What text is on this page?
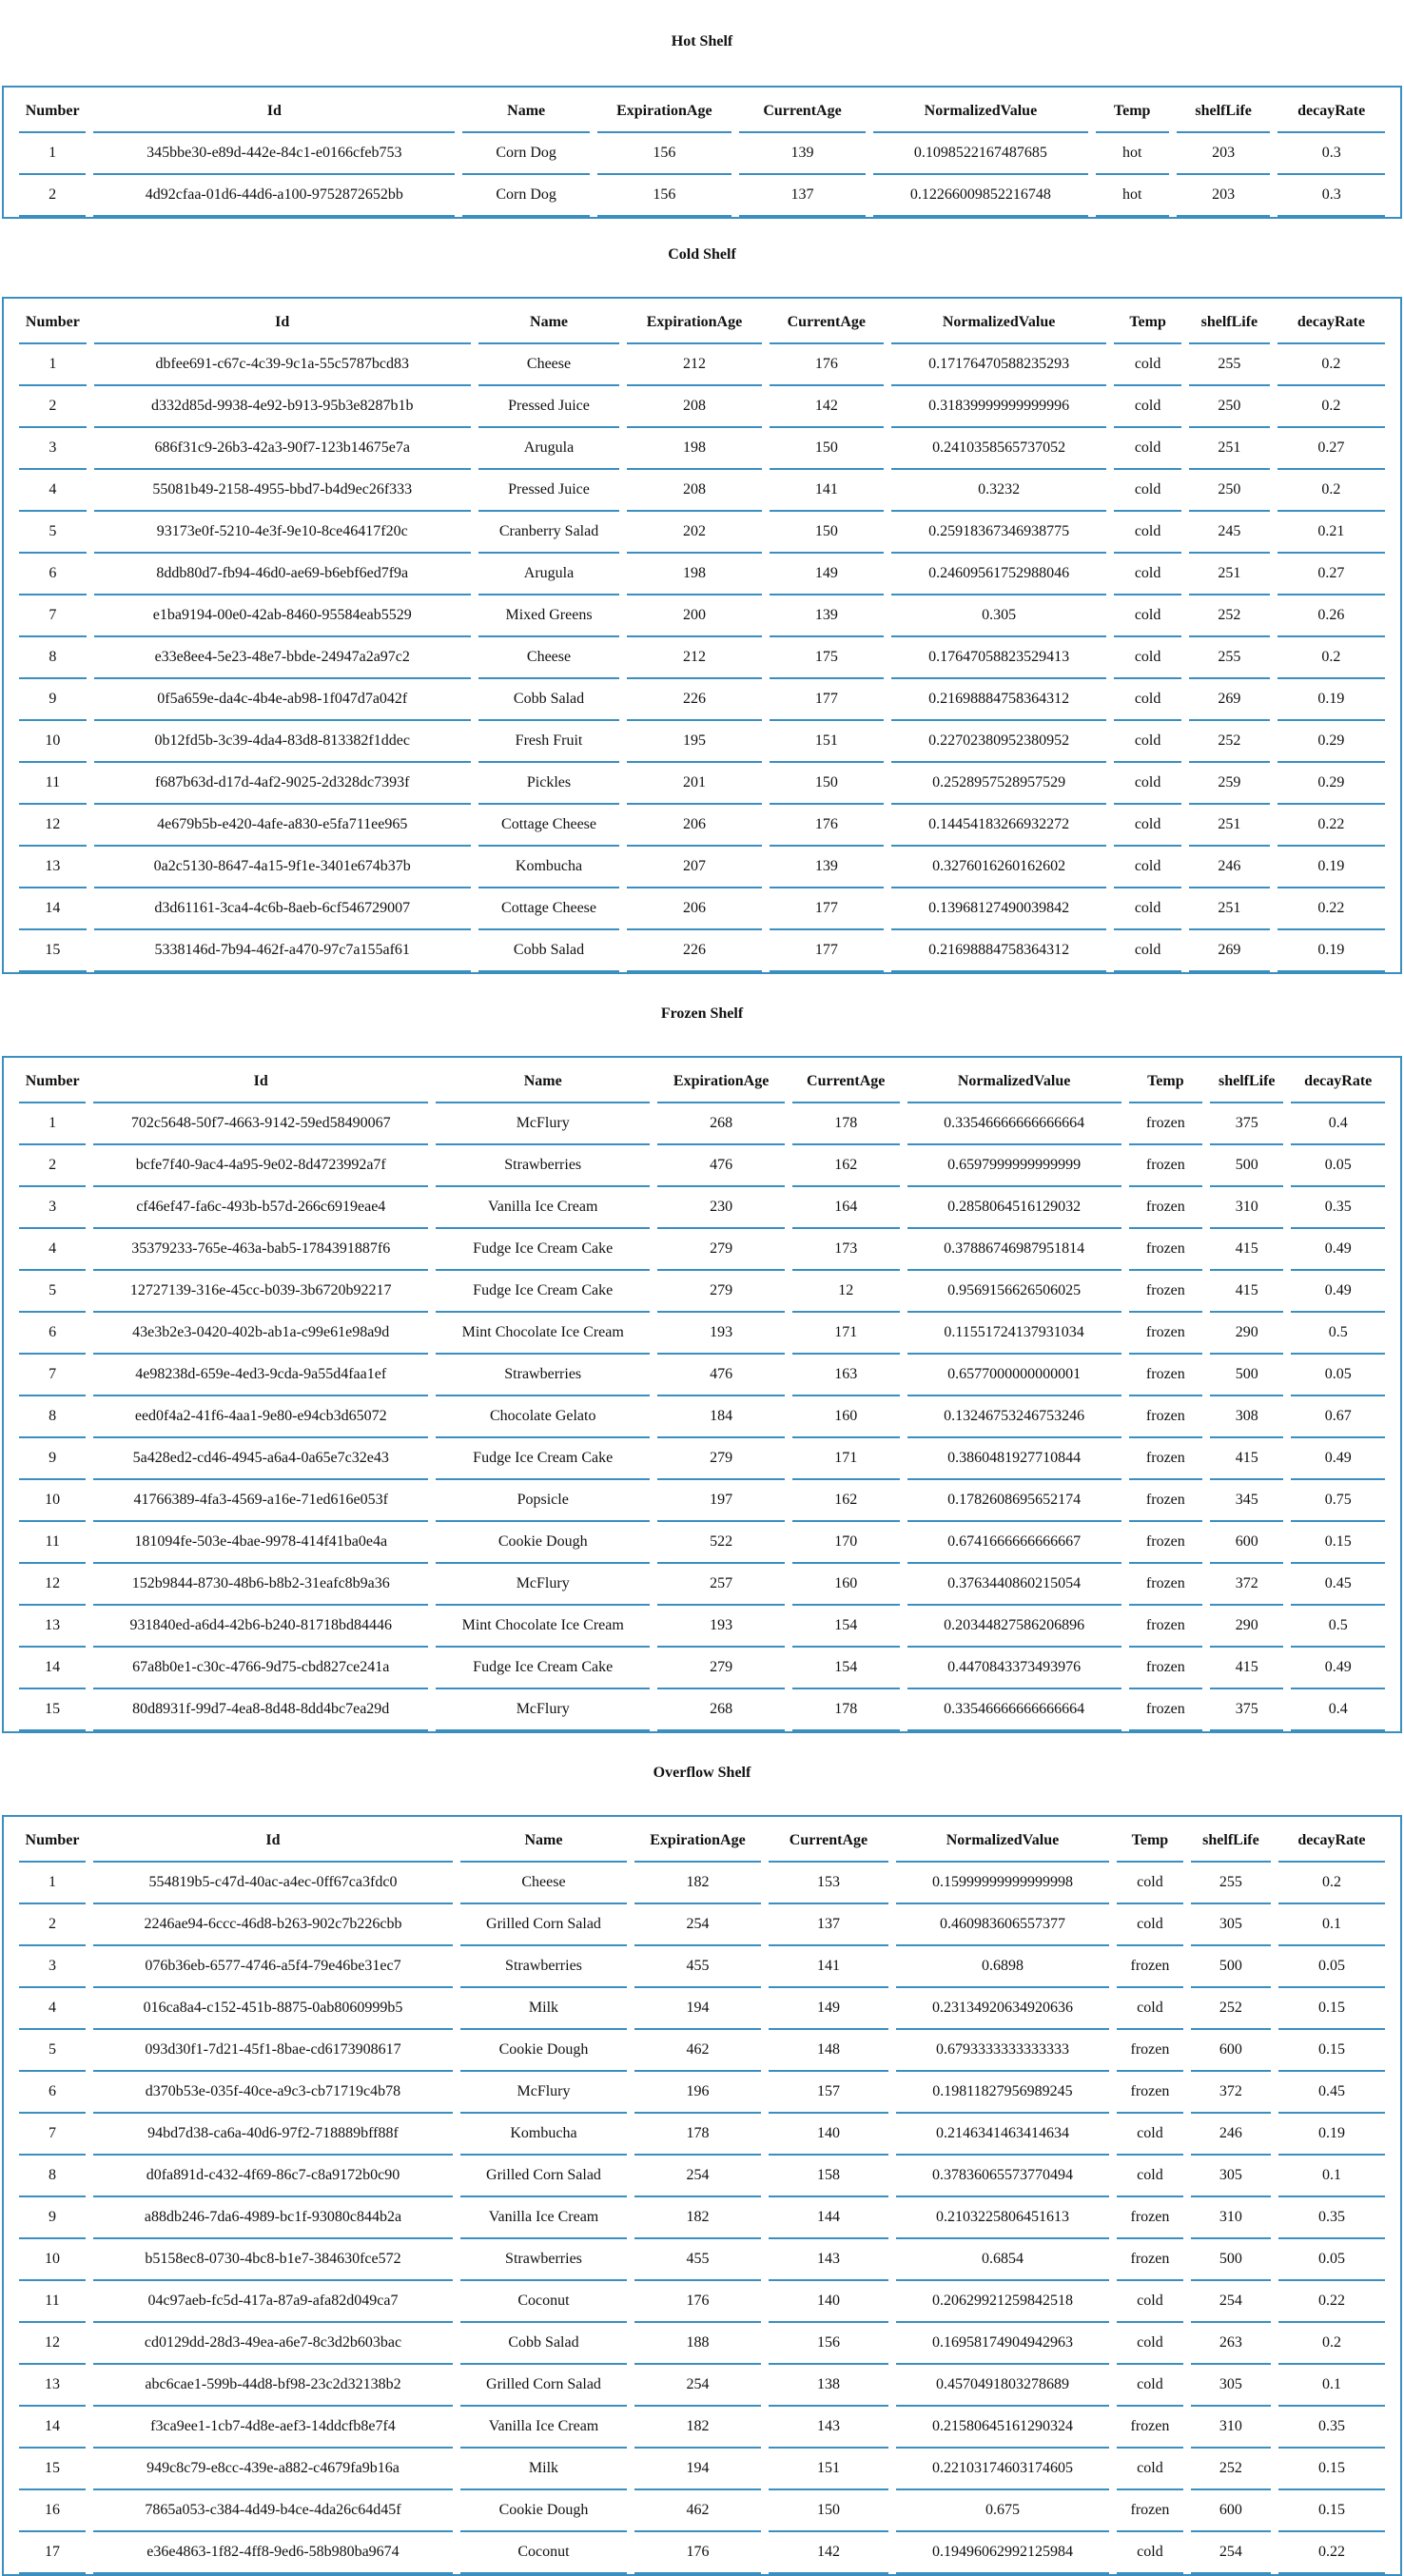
Hot Shelf
Number	Id	Name	ExpirationAge	CurrentAge	NormalizedValue	Temp	shelfLife	decayRate
1	345bbe30-e89d-442e-84c1-e0166cfeb753	Corn Dog	156	139	0.1098522167487685	hot	203	0.3
2	4d92cfaa-01d6-44d6-a100-9752872652bb	Corn Dog	156	137	0.12266009852216748	hot	203	0.3
Cold Shelf
Number	Id	Name	ExpirationAge	CurrentAge	NormalizedValue	Temp	shelfLife	decayRate
1	dbfee691-c67c-4c39-9c1a-55c5787bcd83	Cheese	212	176	0.17176470588235293	cold	255	0.2
2	d332d85d-9938-4e92-b913-95b3e8287b1b	Pressed Juice	208	142	0.31839999999999996	cold	250	0.2
3	686f31c9-26b3-42a3-90f7-123b14675e7a	Arugula	198	150	0.2410358565737052	cold	251	0.27
4	55081b49-2158-4955-bbd7-b4d9ec26f333	Pressed Juice	208	141	0.3232	cold	250	0.2
5	93173e0f-5210-4e3f-9e10-8ce46417f20c	Cranberry Salad	202	150	0.25918367346938775	cold	245	0.21
6	8ddb80d7-fb94-46d0-ae69-b6ebf6ed7f9a	Arugula	198	149	0.24609561752988046	cold	251	0.27
7	e1ba9194-00e0-42ab-8460-95584eab5529	Mixed Greens	200	139	0.305	cold	252	0.26
8	e33e8ee4-5e23-48e7-bbde-24947a2a97c2	Cheese	212	175	0.17647058823529413	cold	255	0.2
9	0f5a659e-da4c-4b4e-ab98-1f047d7a042f	Cobb Salad	226	177	0.21698884758364312	cold	269	0.19
10	0b12fd5b-3c39-4da4-83d8-813382f1ddec	Fresh Fruit	195	151	0.22702380952380952	cold	252	0.29
11	f687b63d-d17d-4af2-9025-2d328dc7393f	Pickles	201	150	0.2528957528957529	cold	259	0.29
12	4e679b5b-e420-4afe-a830-e5fa711ee965	Cottage Cheese	206	176	0.14454183266932272	cold	251	0.22
13	0a2c5130-8647-4a15-9f1e-3401e674b37b	Kombucha	207	139	0.3276016260162602	cold	246	0.19
14	d3d61161-3ca4-4c6b-8aeb-6cf546729007	Cottage Cheese	206	177	0.13968127490039842	cold	251	0.22
15	5338146d-7b94-462f-a470-97c7a155af61	Cobb Salad	226	177	0.21698884758364312	cold	269	0.19
Frozen Shelf
Number	Id	Name	ExpirationAge	CurrentAge	NormalizedValue	Temp	shelfLife	decayRate
1	702c5648-50f7-4663-9142-59ed58490067	McFlury	268	178	0.33546666666666664	frozen	375	0.4
2	bcfe7f40-9ac4-4a95-9e02-8d4723992a7f	Strawberries	476	162	0.6597999999999999	frozen	500	0.05
3	cf46ef47-fa6c-493b-b57d-266c6919eae4	Vanilla Ice Cream	230	164	0.2858064516129032	frozen	310	0.35
4	35379233-765e-463a-bab5-1784391887f6	Fudge Ice Cream Cake	279	173	0.37886746987951814	frozen	415	0.49
5	12727139-316e-45cc-b039-3b6720b92217	Fudge Ice Cream Cake	279	12	0.9569156626506025	frozen	415	0.49
6	43e3b2e3-0420-402b-ab1a-c99e61e98a9d	Mint Chocolate Ice Cream	193	171	0.11551724137931034	frozen	290	0.5
7	4e98238d-659e-4ed3-9cda-9a55d4faa1ef	Strawberries	476	163	0.6577000000000001	frozen	500	0.05
8	eed0f4a2-41f6-4aa1-9e80-e94cb3d65072	Chocolate Gelato	184	160	0.13246753246753246	frozen	308	0.67
9	5a428ed2-cd46-4945-a6a4-0a65e7c32e43	Fudge Ice Cream Cake	279	171	0.3860481927710844	frozen	415	0.49
10	41766389-4fa3-4569-a16e-71ed616e053f	Popsicle	197	162	0.1782608695652174	frozen	345	0.75
11	181094fe-503e-4bae-9978-414f41ba0e4a	Cookie Dough	522	170	0.6741666666666667	frozen	600	0.15
12	152b9844-8730-48b6-b8b2-31eafc8b9a36	McFlury	257	160	0.3763440860215054	frozen	372	0.45
13	931840ed-a6d4-42b6-b240-81718bd84446	Mint Chocolate Ice Cream	193	154	0.20344827586206896	frozen	290	0.5
14	67a8b0e1-c30c-4766-9d75-cbd827ce241a	Fudge Ice Cream Cake	279	154	0.4470843373493976	frozen	415	0.49
15	80d8931f-99d7-4ea8-8d48-8dd4bc7ea29d	McFlury	268	178	0.33546666666666664	frozen	375	0.4
Overflow Shelf
Number	Id	Name	ExpirationAge	CurrentAge	NormalizedValue	Temp	shelfLife	decayRate
1	554819b5-c47d-40ac-a4ec-0ff67ca3fdc0	Cheese	182	153	0.15999999999999998	cold	255	0.2
2	2246ae94-6ccc-46d8-b263-902c7b226cbb	Grilled Corn Salad	254	137	0.460983606557377	cold	305	0.1
3	076b36eb-6577-4746-a5f4-79e46be31ec7	Strawberries	455	141	0.6898	frozen	500	0.05
4	016ca8a4-c152-451b-8875-0ab8060999b5	Milk	194	149	0.23134920634920636	cold	252	0.15
5	093d30f1-7d21-45f1-8bae-cd6173908617	Cookie Dough	462	148	0.6793333333333333	frozen	600	0.15
6	d370b53e-035f-40ce-a9c3-cb71719c4b78	McFlury	196	157	0.19811827956989245	frozen	372	0.45
7	94bd7d38-ca6a-40d6-97f2-718889bff88f	Kombucha	178	140	0.2146341463414634	cold	246	0.19
8	d0fa891d-c432-4f69-86c7-c8a9172b0c90	Grilled Corn Salad	254	158	0.37836065573770494	cold	305	0.1
9	a88db246-7da6-4989-bc1f-93080c844b2a	Vanilla Ice Cream	182	144	0.2103225806451613	frozen	310	0.35
10	b5158ec8-0730-4bc8-b1e7-384630fce572	Strawberries	455	143	0.6854	frozen	500	0.05
11	04c97aeb-fc5d-417a-87a9-afa82d049ca7	Coconut	176	140	0.20629921259842518	cold	254	0.22
12	cd0129dd-28d3-49ea-a6e7-8c3d2b603bac	Cobb Salad	188	156	0.16958174904942963	cold	263	0.2
13	abc6cae1-599b-44d8-bf98-23c2d32138b2	Grilled Corn Salad	254	138	0.4570491803278689	cold	305	0.1
14	f3ca9ee1-1cb7-4d8e-aef3-14ddcfb8e7f4	Vanilla Ice Cream	182	143	0.21580645161290324	frozen	310	0.35
15	949c8c79-e8cc-439e-a882-c4679fa9b16a	Milk	194	151	0.22103174603174605	cold	252	0.15
16	7865a053-c384-4d49-b4ce-4da26c64d45f	Cookie Dough	462	150	0.675	frozen	600	0.15
17	e36e4863-1f82-4ff8-9ed6-58b980ba9674	Coconut	176	142	0.19496062992125984	cold	254	0.22
